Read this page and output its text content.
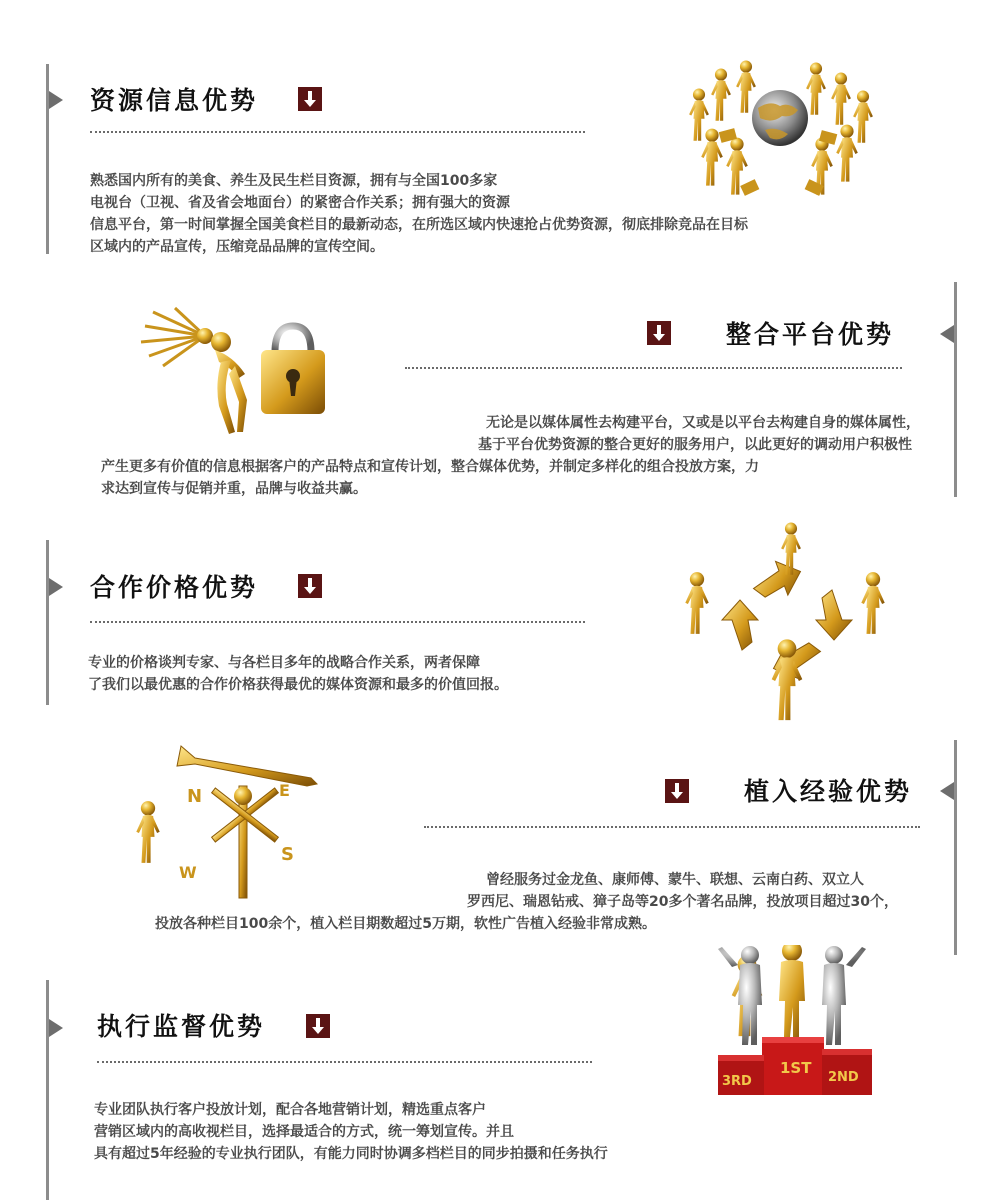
资源信息优势
熟悉国内所有的美食、养生及民生栏目资源，拥有与全国100多家
电视台（卫视、省及省会地面台）的紧密合作关系；拥有强大的资源
信息平台，第一时间掌握全国美食栏目的最新动态，在所选区域内快速抢占优势资源，彻底排除竞品在目标
区域内的产品宣传，压缩竞品品牌的宣传空间。
整合平台优势
无论是以媒体属性去构建平台，又或是以平台去构建自身的媒体属性，
基于平台优势资源的整合更好的服务用户，以此更好的调动用户积极性
产生更多有价值的信息根据客户的产品特点和宣传计划，整合媒体优势，并制定多样化的组合投放方案，力
求达到宣传与促销并重，品牌与收益共赢。
合作价格优势
专业的价格谈判专家、与各栏目多年的战略合作关系，两者保障
了我们以最优惠的合作价格获得最优的媒体资源和最多的价值回报。
植入经验优势
曾经服务过金龙鱼、康师傅、蒙牛、联想、云南白药、双立人
罗西尼、瑞恩钻戒、獐子岛等20多个著名品牌，投放项目超过30个，
投放各种栏目100余个，植入栏目期数超过5万期，软性广告植入经验非常成熟。
N
S
E
W
执行监督优势
专业团队执行客户投放计划，配合各地营销计划，精选重点客户
营销区域内的高收视栏目，选择最适合的方式，统一筹划宣传。并且
具有超过5年经验的专业执行团队，有能力同时协调多档栏目的同步拍摄和任务执行
1ST
2ND
3RD
